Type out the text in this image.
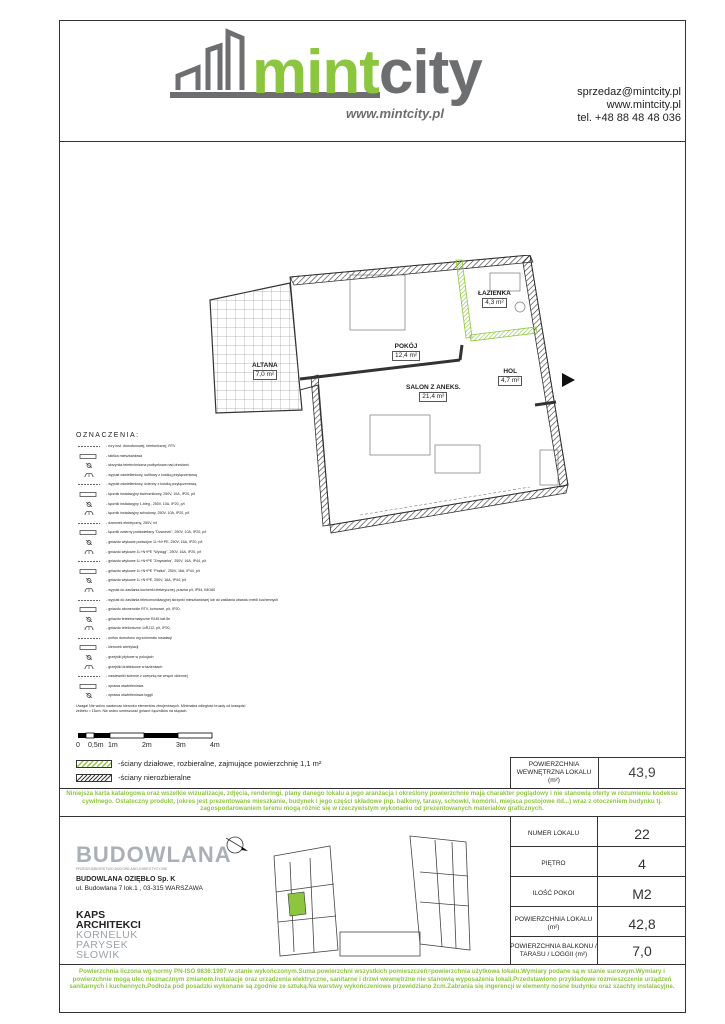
mintcity
www.mintcity.pl
sprzedaz@mintcity.pl
www.mintcity.pl
tel. +48 88 48 48 036
ŁAZIENKA
4,3 m²
POKÓJ
12,4 m²
HOL
4,7 m²
SALON Z ANEKS.
21,4 m²
ALTANA
7,0 m²
OZNACZENIA:
- rury inst. domofonowej, telefonicznej, RTV
- tablica mieszkaniowa
- skrzynka teletechniczna podtynkowa nad drzwiami
- wypust oświetleniowy, sufitowy z kostką przyłączeniową
- wypust oświetleniowy, ścienny z kostką przyłączeniową
- łącznik instalacyjny świecznikowy, 250V, 10A, IP20, p/t
- łącznik instalacyjny 1-bieg., 250V, 10A, IP20, p/t
- łącznik instalacyjny schodowy, 250V, 10A, IP20, p/t
- dzwonek elektryczny, 250V, n/t
- łącznik zwierny podświetlany "Dzwonek", 250V, 10A, IP20, p/t
- gniazdo wtykowe podwójne 1L+N+PE, 250V, 16A, IP20, p/t
- gniazdo wtykowe 1L+N+PE "Wyciąg", 250V, 16A, IP20, p/t
- gniazdo wtykowe 1L+N+PE "Zmywarka", 250V, 16A, IP44, p/t
- gniazdo wtykowe 1L+N+PE "Pralka", 250V, 16A, IP44, p/t
- gniazdo wtykowe 1L+N+PE, 250V, 16A, IP44, p/t
- wypust do zasilania kuchenki elektrycznej, puszka p/t, IP54, IMG80
- wypust do zasilania telekomunikacyjnej skrzynki mieszkaniowej lub do zasilania obwodu mebli kuchennych
- gniazdo abonenckie RTV, końcowe, p/t, IP20,
- gniazdo teleinformatyczne RJ45 kat.5e
- gniazdo telefoniczne 1xRJ12, p/t, IP20,
- unifon domofonu wg schematu instalacji
- kierunek wentylacji
- grzejniki płytowe w pokojach
- grzejniki drabinkowe w łazienkach
- nawiewniki ścienne z czerpnią we wnęce okiennej
- oprawa oświetleniowa
- oprawa oświetleniowa loggii
Uwaga! Nie wolno nawiercać kierunku elementów zbrojeniowych. Minimalna odległość bruzdy od krawędzi żelbetu = 15cm. Nie wolno umieszczać gniazd i łączników na słupach.
0 0,5m 1m	2m	3m	4m
-ściany działowe, rozbieralne, zajmujące powierzchnię 1,1 m²
-ściany nierozbieralne
POWIERZCHNIA WEWNĘTRZNA LOKALU (m²)
43,9
Niniejsza karta katalogowa oraz wszelkie wizualizacje, zdjęcia, renderingi, plany danego lokalu a jego aranżacja i określony powierzchnie mają charakter poglądowy i nie stanowią oferty w rozumieniu kodeksu cywilnego. Ostateczny produkt, (okres jest prezentowane mieszkanie, budynek i jego części składowe (np. balkony, tarasy, schowki, komórki, miejsca postojowe itd...) wraz z otoczeniem budynku tj. zagospodarowaniem terenu mogą różnić się w rzeczywistym wykonaniu od prezentowanych materiałów graficznych.
BUDOWLANA
PRZEDSIĘBIORSTWO BUDOWLANO-INWESTYCYJNE
BUDOWLANA OZIĘBŁO Sp. K
ul. Budowlana 7 lok.1 , 03-315 WARSZAWA
KAPS
ARCHITEKCI
KORNELUK
PARYSEK
SŁOWIK
NUMER LOKALU	22
PIĘTRO	4
ILOŚĆ POKOI	M2
POWIERZCHNIA LOKALU (m²)	42,8
POWIERZCHNIA BALKONU / TARASU / LOGGII (m²)	7,0
Powierzchnia liczona wg normy PN-ISO 9836:1997 w stanie wykończonym.Suma powierzchni wszystkich pomieszczeń=powierzchnia użytkowa lokalu.Wymiary podane są w stanie surowym.Wymiary i powierzchnie mogą ulec nieznacznym zmianom.Instalacje oraz urządzenia elektryczne, sanitarne i drzwi wewnętrzne nie stanowią wyposażenia lokali.Przedstawiono przykładowe rozmieszczenie urządzeń sanitarnych i kuchennych.Podłoża pod posadzki wykonane są zgodnie ze sztuką.Na warstwy wykończeniowe przewidziano 2cm.Zabrania się ingerencji w elementy nośne budynku oraz szachty instalacyjne.
